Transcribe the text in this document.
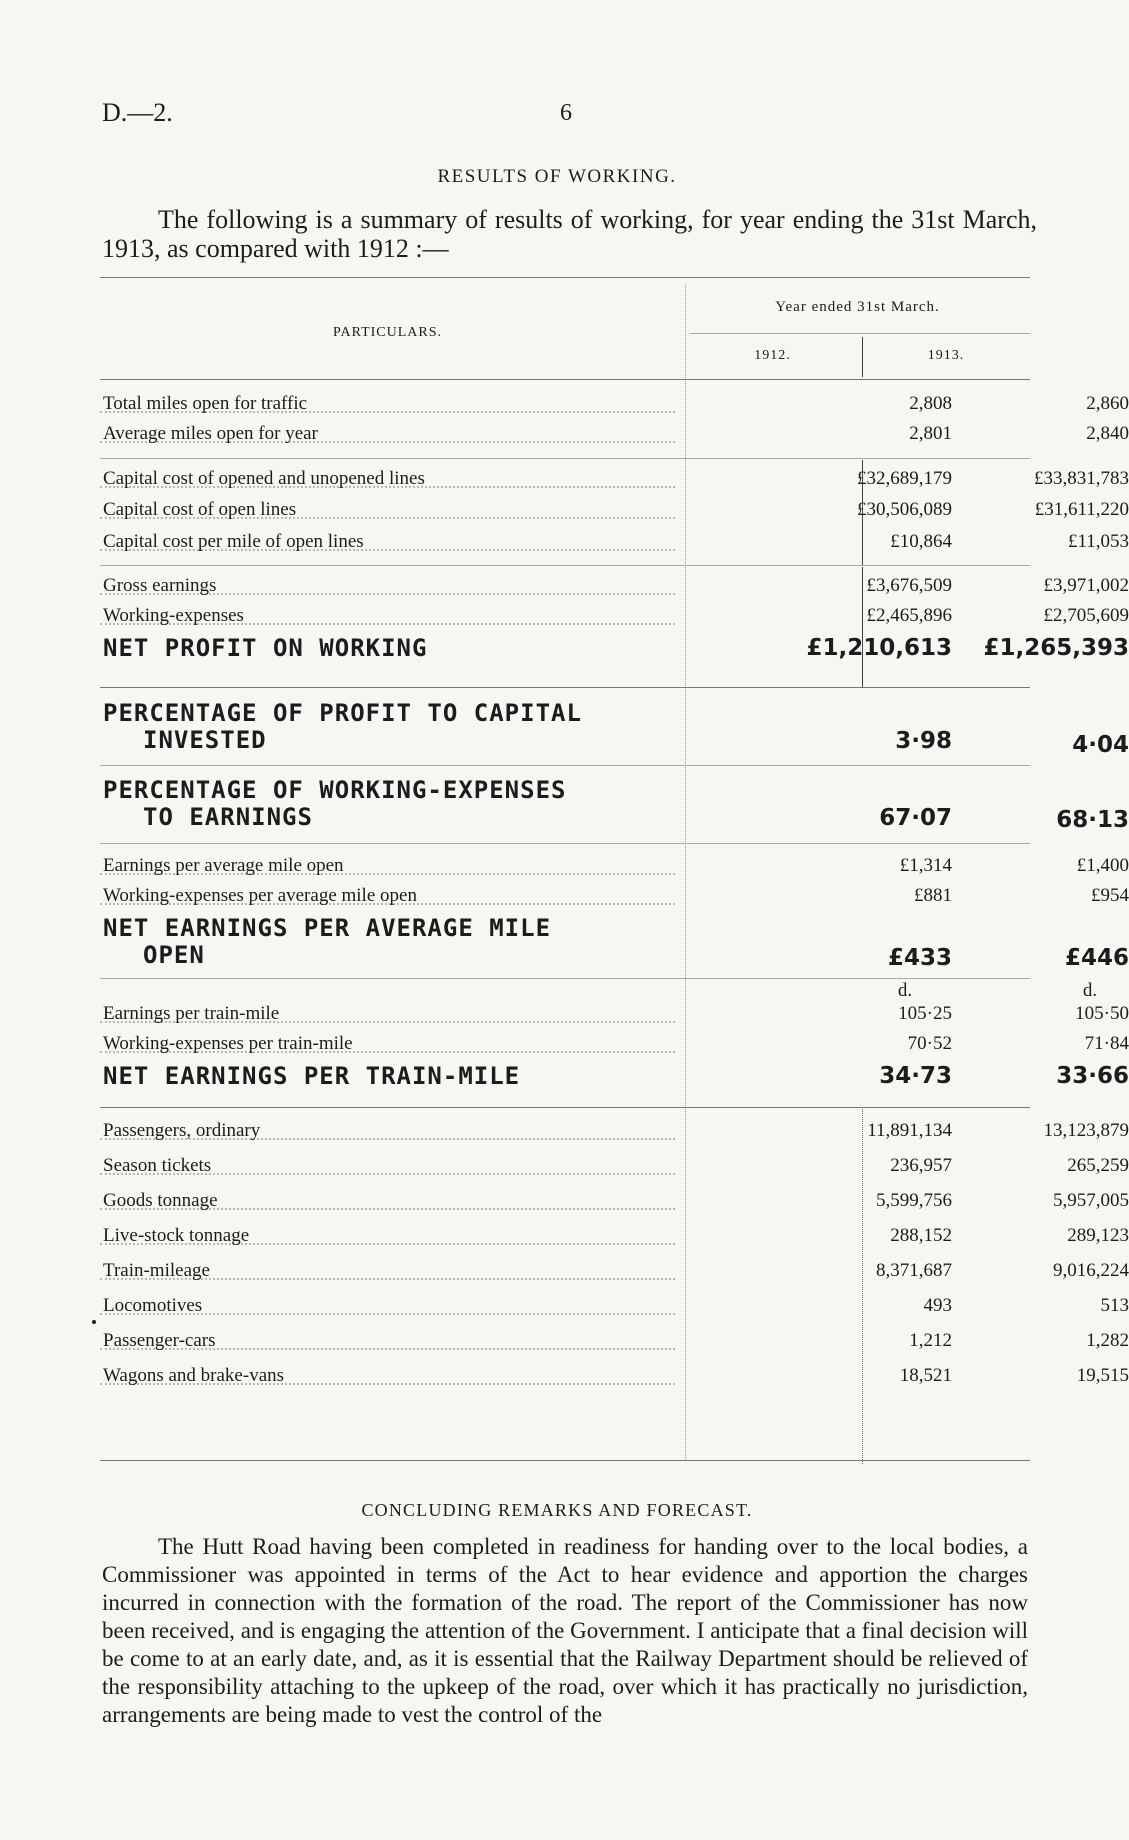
D.—2.	6
RESULTS OF WORKING.
The following is a summary of results of working, for year ending the 31st March, 1913, as compared with 1912 :—
PARTICULARS.
Year ended 31st March.
1912.	1913.
Total miles open for traffic	2,808	2,860
Average miles open for year	2,801	2,840
Capital cost of opened and unopened lines	£32,689,179	£33,831,783
Capital cost of open lines	£30,506,089	£31,611,220
Capital cost per mile of open lines	£10,864	£11,053
Gross earnings	£3,676,509	£3,971,002
Working-expenses	£2,465,896	£2,705,609
NET PROFIT ON WORKING	£1,210,613	£1,265,393
PERCENTAGE OF PROFIT TO CAPITAL
INVESTED	3·98	4·04
PERCENTAGE OF WORKING-EXPENSES
TO EARNINGS	67·07	68·13
Earnings per average mile open	£1,314	£1,400
Working-expenses per average mile open	£881	£954
NET EARNINGS PER AVERAGE MILE
OPEN	£433	£446
d.	d.
Earnings per train-mile	105·25	105·50
Working-expenses per train-mile	70·52	71·84
NET EARNINGS PER TRAIN-MILE	34·73	33·66
Passengers, ordinary	11,891,134	13,123,879
Season tickets	236,957	265,259
Goods tonnage	5,599,756	5,957,005
Live-stock tonnage	288,152	289,123
Train-mileage	8,371,687	9,016,224
Locomotives	493	513
Passenger-cars	1,212	1,282
Wagons and brake-vans	18,521	19,515
CONCLUDING REMARKS AND FORECAST.
The Hutt Road having been completed in readiness for handing over to the local bodies, a Commissioner was appointed in terms of the Act to hear evidence and apportion the charges incurred in connection with the formation of the road. The report of the Commissioner has now been received, and is engaging the attention of the Government. I anticipate that a final decision will be come to at an early date, and, as it is essential that the Railway Department should be relieved of the responsibility attaching to the upkeep of the road, over which it has practically no jurisdiction, arrangements are being made to vest the control of the
